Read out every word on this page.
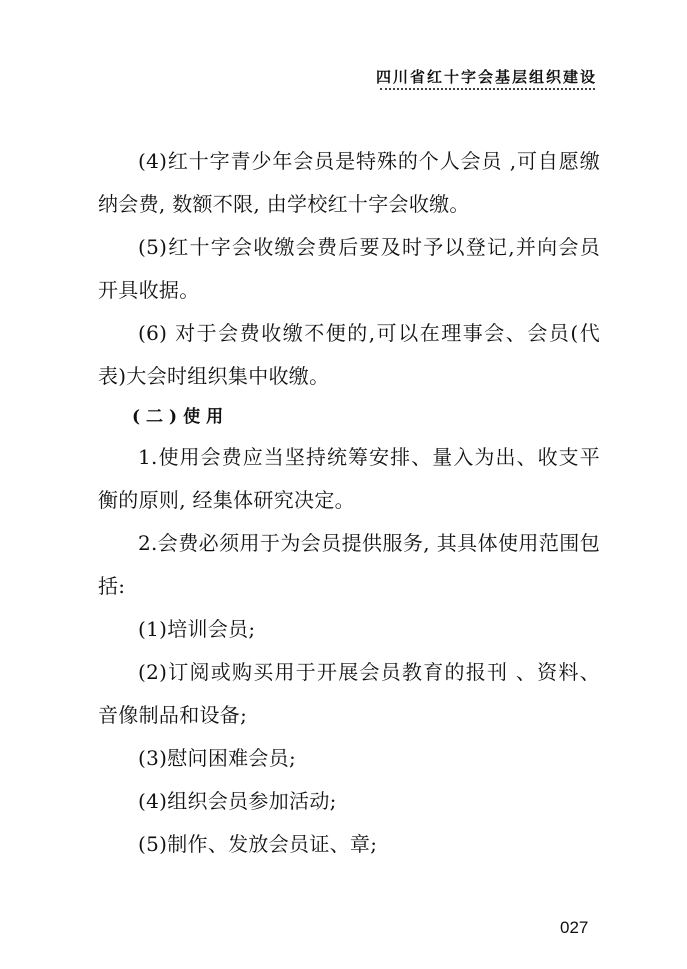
四川省红十字会基层组织建设

(4)红十字青少年会员是特殊的个人会员 ,可自愿缴纳会费, 数额不限, 由学校红十字会收缴。

(5)红十字会收缴会费后要及时予以登记,并向会员开具收据。

(6) 对于会费收缴不便的,可以在理事会、会员(代表)大会时组织集中收缴。

(二)使用

1.使用会费应当坚持统筹安排、量入为出、收支平衡的原则, 经集体研究决定。

2.会费必须用于为会员提供服务, 其具体使用范围包括:

(1)培训会员;

(2)订阅或购买用于开展会员教育的报刊 、资料、音像制品和设备;

(3)慰问困难会员;

(4)组织会员参加活动;

(5)制作、发放会员证、章;

027
